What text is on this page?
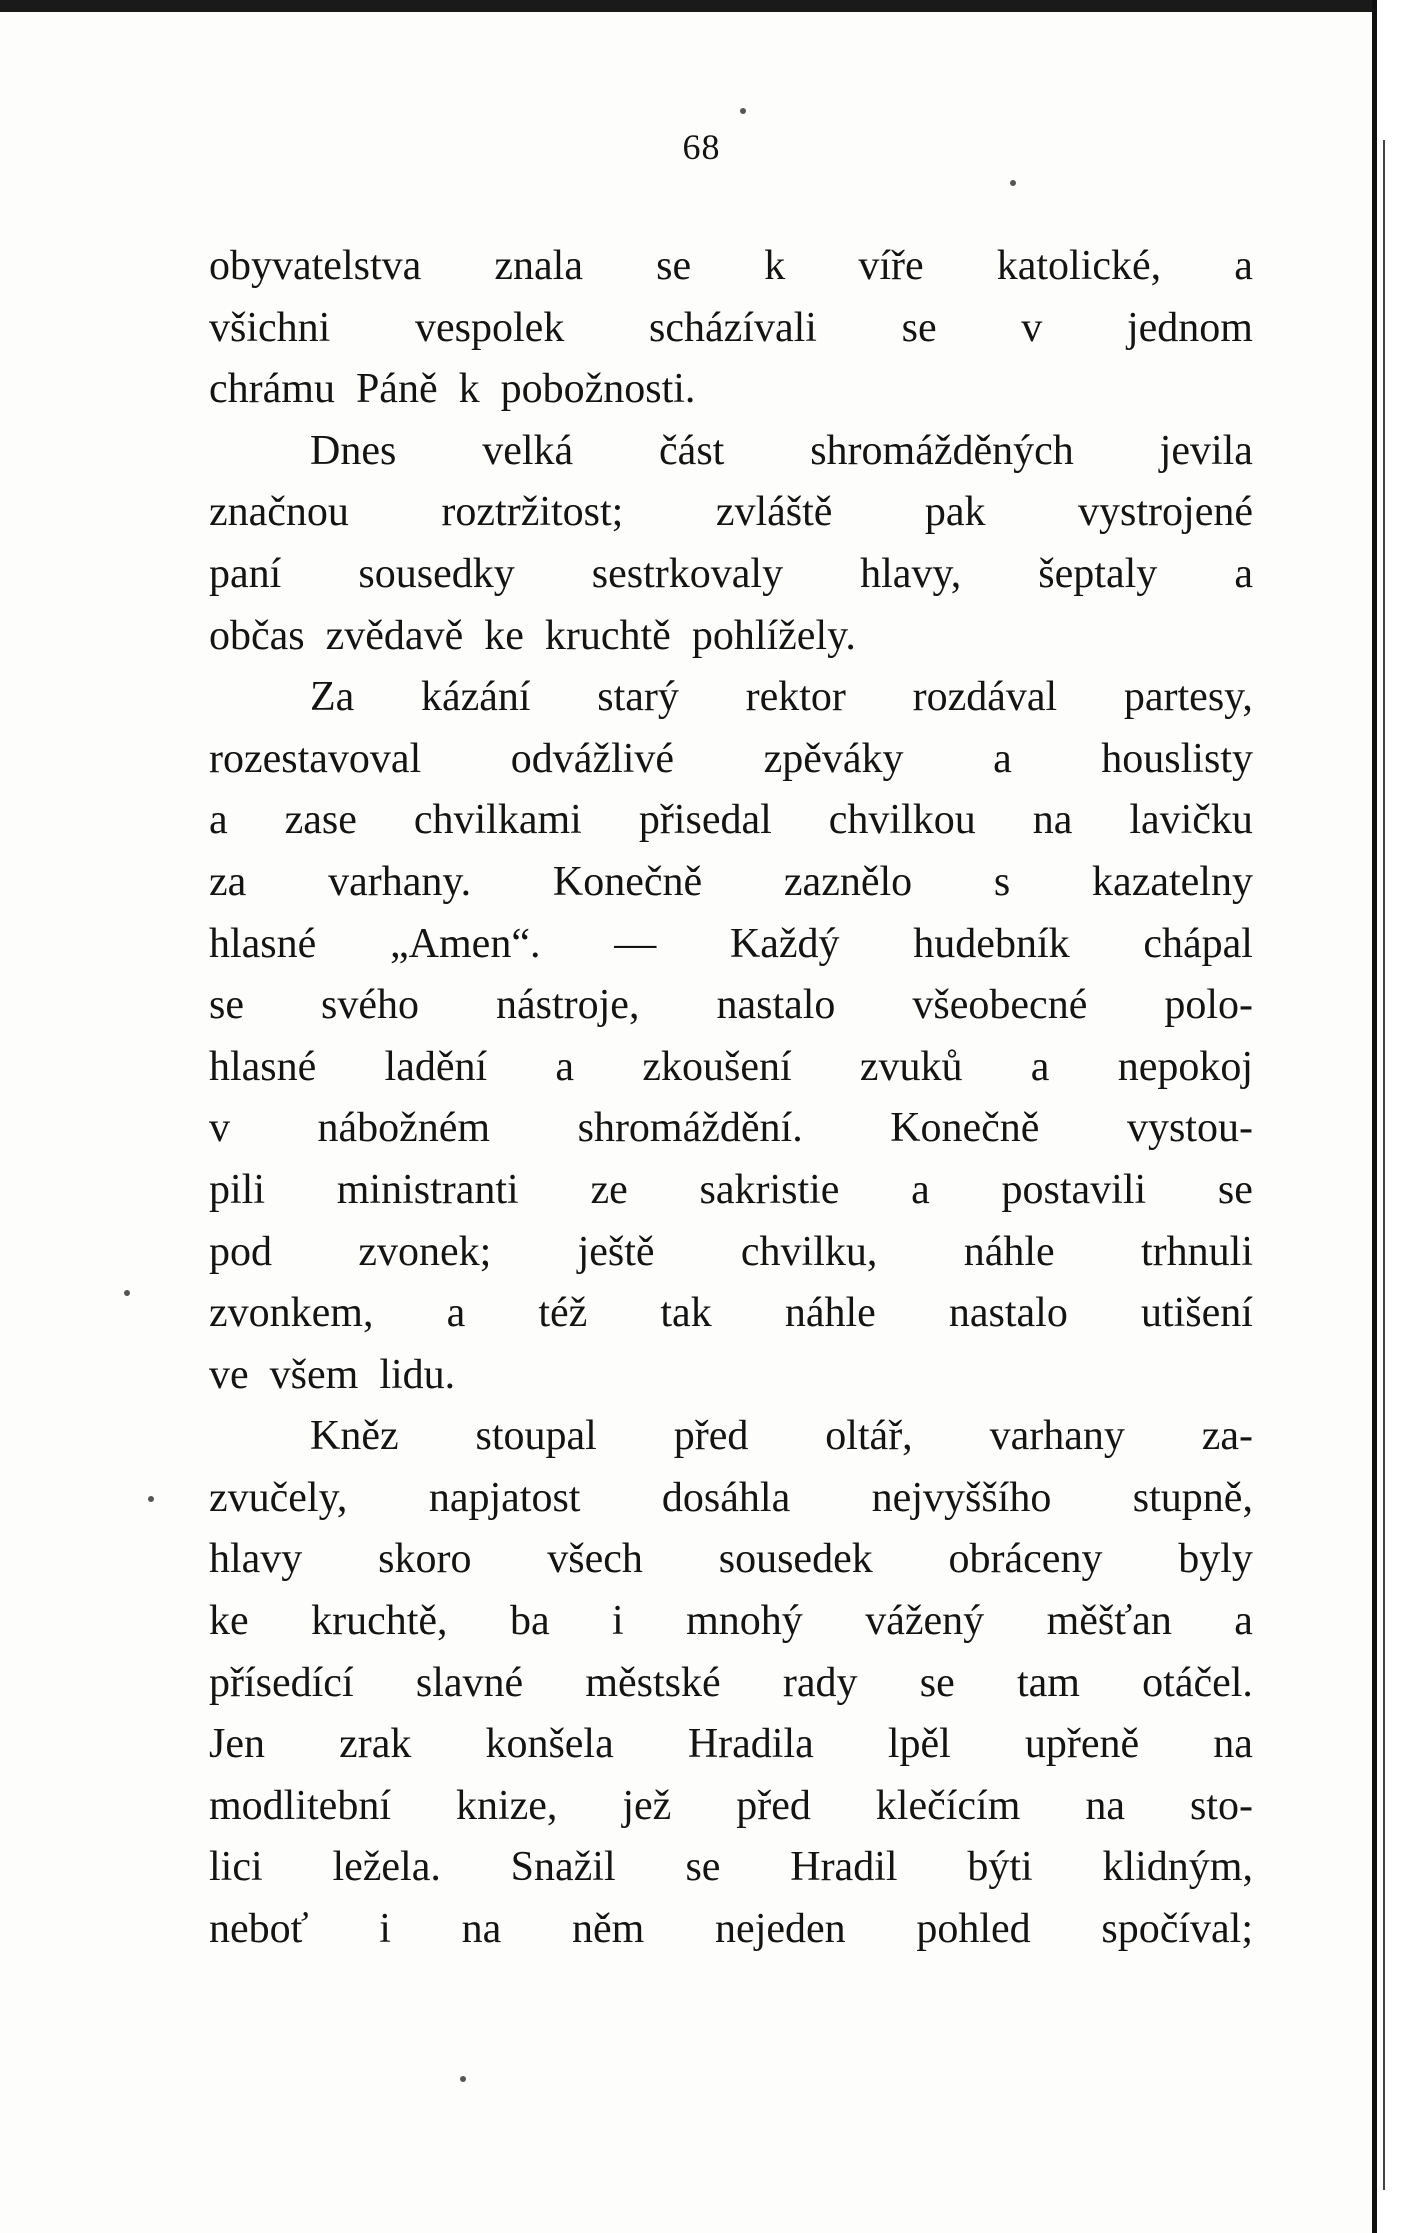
68
obyvatelstva znala se k víře katolické, a
všichni vespolek scházívali se v jednom
chrámu Páně k pobožnosti.
Dnes velká část shromážděných jevila
značnou roztržitost; zvláště pak vystrojené
paní sousedky sestrkovaly hlavy, šeptaly a
občas zvědavě ke kruchtě pohlížely.
Za kázání starý rektor rozdával partesy,
rozestavoval odvážlivé zpěváky a houslisty
a zase chvilkami přisedal chvilkou na lavičku
za varhany. Konečně zaznělo s kazatelny
hlasné „Amen“. — Každý hudebník chápal
se svého nástroje, nastalo všeobecné polo-
hlasné ladění a zkoušení zvuků a nepokoj
v nábožném shromáždění. Konečně vystou-
pili ministranti ze sakristie a postavili se
pod zvonek; ještě chvilku, náhle trhnuli
zvonkem, a též tak náhle nastalo utišení
ve všem lidu.
Kněz stoupal před oltář, varhany za-
zvučely, napjatost dosáhla nejvyššího stupně,
hlavy skoro všech sousedek obráceny byly
ke kruchtě, ba i mnohý vážený měšťan a
přísedící slavné městské rady se tam otáčel.
Jen zrak konšela Hradila lpěl upřeně na
modlitební knize, jež před klečícím na sto-
lici ležela. Snažil se Hradil býti klidným,
neboť i na něm nejeden pohled spočíval;
